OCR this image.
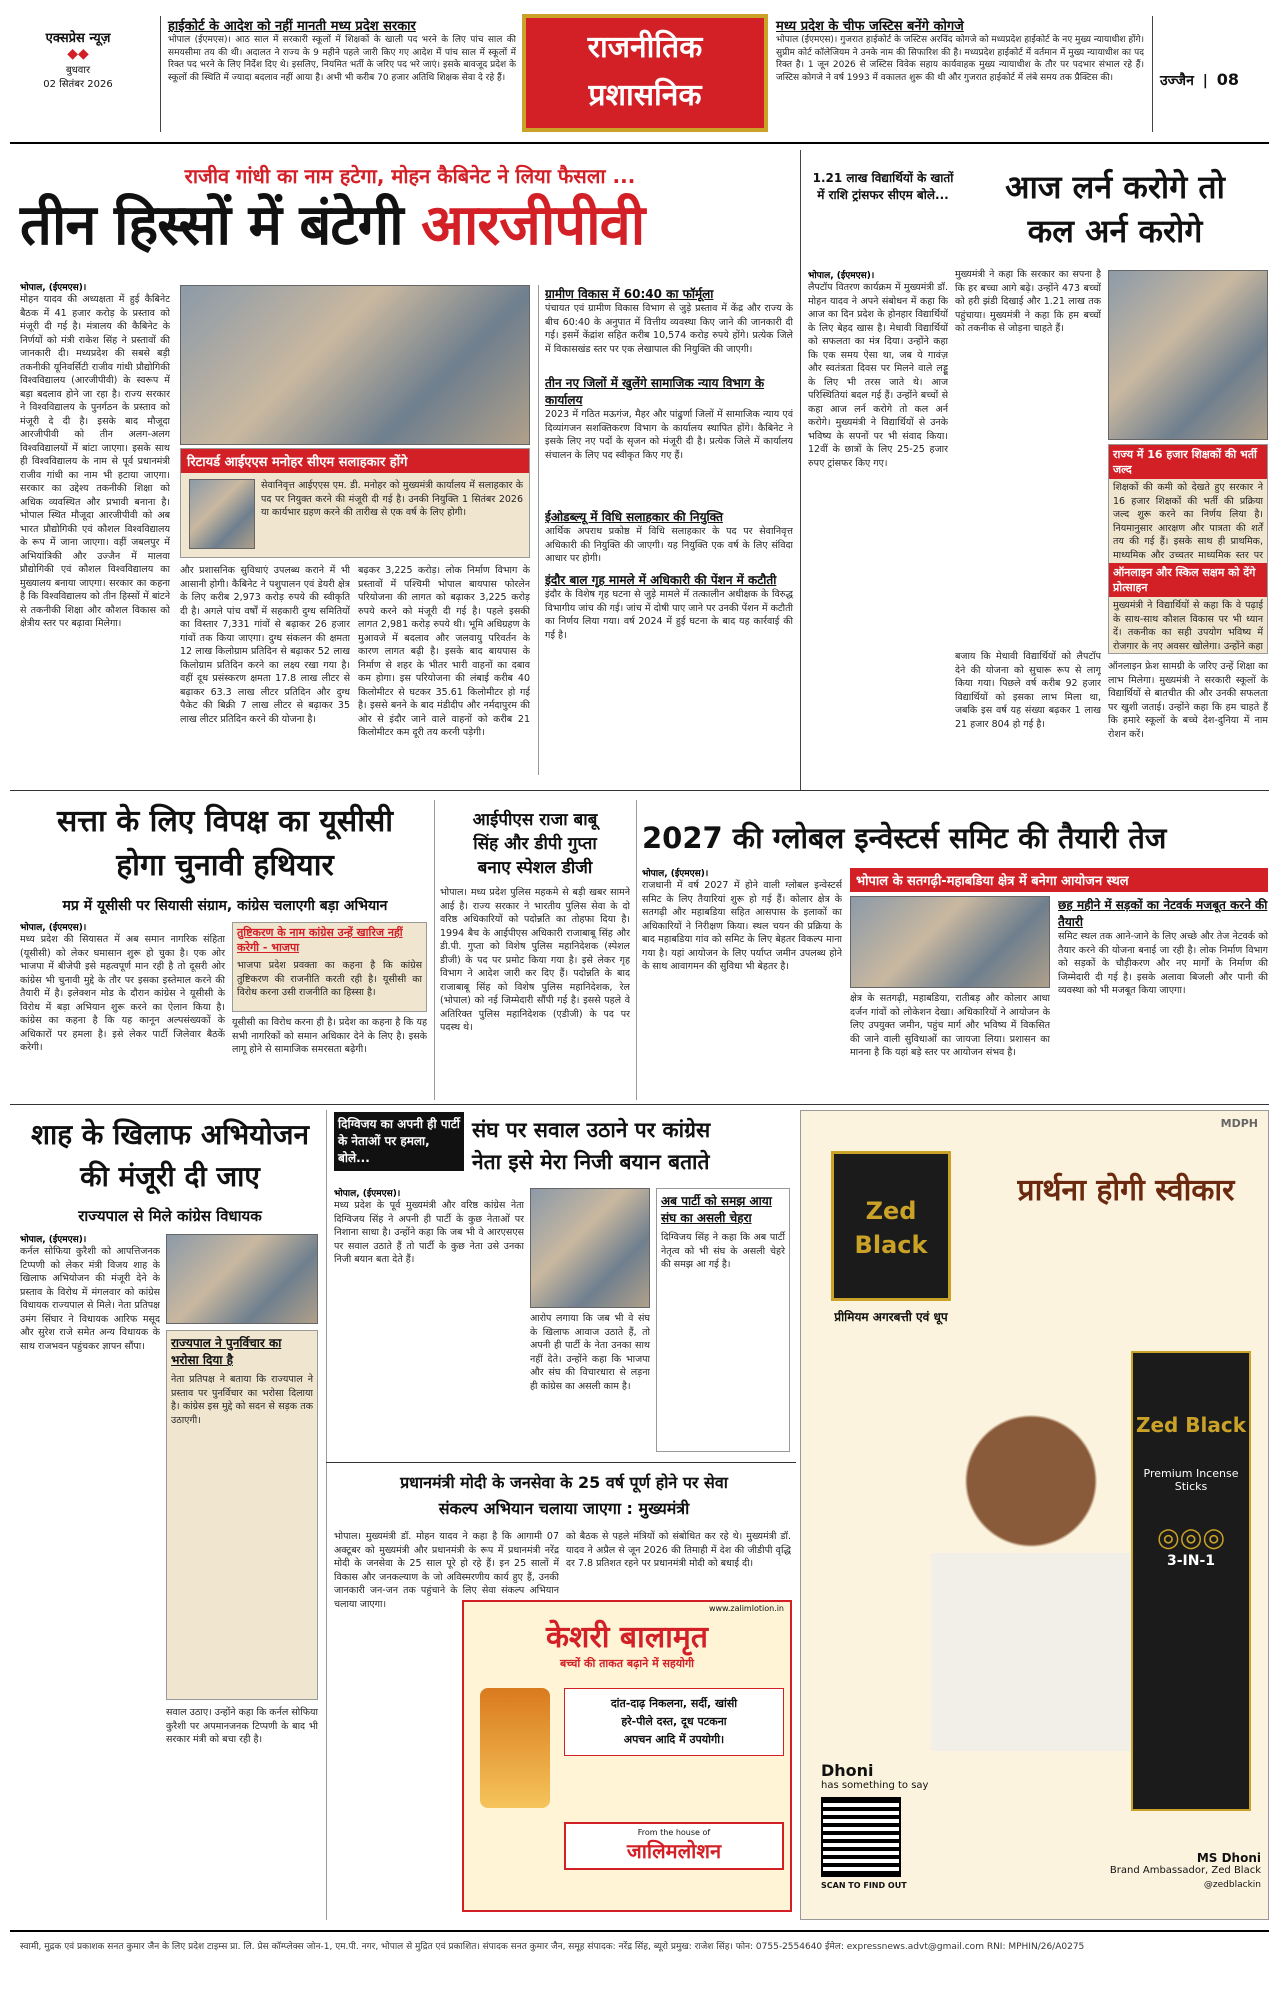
एक्सप्रेस न्यूज़
◆◆
बुधवार
02 सितंबर 2026
हाईकोर्ट के आदेश को नहीं मानती मध्य प्रदेश सरकार
भोपाल (ईएमएस)। आठ साल में सरकारी स्कूलों में शिक्षकों के खाली पद भरने के लिए पांच साल की समयसीमा तय की थी। अदालत ने राज्य के 9 महीने पहले जारी किए गए आदेश में पांच साल में स्कूलों में रिक्त पद भरने के लिए निर्देश दिए थे। इसलिए, नियमित भर्ती के जरिए पद भरे जाएं। इसके बावजूद प्रदेश के स्कूलों की स्थिति में ज्यादा बदलाव नहीं आया है। अभी भी करीब 70 हजार अतिथि शिक्षक सेवा दे रहे हैं।
राजनीतिक
प्रशासनिक
मध्य प्रदेश के चीफ जस्टिस बनेंगे कोगजे
भोपाल (ईएमएस)। गुजरात हाईकोर्ट के जस्टिस अरविंद कोगजे को मध्यप्रदेश हाईकोर्ट के नए मुख्य न्यायाधीश होंगे। सुप्रीम कोर्ट कॉलेजियम ने उनके नाम की सिफारिश की है। मध्यप्रदेश हाईकोर्ट में वर्तमान में मुख्य न्यायाधीश का पद रिक्त है। 1 जून 2026 से जस्टिस विवेक सहाय कार्यवाहक मुख्य न्यायाधीश के तौर पर पदभार संभाल रहे हैं। जस्टिस कोगजे ने वर्ष 1993 में वकालत शुरू की थी और गुजरात हाईकोर्ट में लंबे समय तक प्रैक्टिस की।	उज्जैन | 08
राजीव गांधी का नाम हटेगा, मोहन कैबिनेट ने लिया फैसला ...
तीन हिस्सों में बंटेगी आरजीपीवी
भोपाल, (ईएमएस)।
मोहन यादव की अध्यक्षता में हुई कैबिनेट बैठक में 41 हजार करोड़ के प्रस्ताव को मंजूरी दी गई है। मंत्रालय की कैबिनेट के निर्णयों को मंत्री राकेश सिंह ने प्रस्तावों की जानकारी दी। मध्यप्रदेश की सबसे बड़ी तकनीकी यूनिवर्सिटी राजीव गांधी प्रौद्योगिकी विश्वविद्यालय (आरजीपीवी) के स्वरूप में बड़ा बदलाव होने जा रहा है। राज्य सरकार ने विश्वविद्यालय के पुनर्गठन के प्रस्ताव को मंजूरी दे दी है। इसके बाद मौजूदा आरजीपीवी को तीन अलग-अलग विश्वविद्यालयों में बांटा जाएगा। इसके साथ ही विश्वविद्यालय के नाम से पूर्व प्रधानमंत्री राजीव गांधी का नाम भी हटाया जाएगा। सरकार का उद्देश्य तकनीकी शिक्षा को अधिक व्यवस्थित और प्रभावी बनाना है। भोपाल स्थित मौजूदा आरजीपीवी को अब भारत प्रौद्योगिकी एवं कौशल विश्वविद्यालय के रूप में जाना जाएगा। वहीं जबलपुर में अभियांत्रिकी और उज्जैन में मालवा प्रौद्योगिकी एवं कौशल विश्वविद्यालय का मुख्यालय बनाया जाएगा। सरकार का कहना है कि विश्वविद्यालय को तीन हिस्सों में बांटने से तकनीकी शिक्षा और कौशल विकास को क्षेत्रीय स्तर पर बढ़ावा मिलेगा।
रिटायर्ड आईएएस मनोहर सीएम सलाहकार होंगे
सेवानिवृत्त आईएएस एम. डी. मनोहर को मुख्यमंत्री कार्यालय में सलाहकार के पद पर नियुक्त करने की मंजूरी दी गई है। उनकी नियुक्ति 1 सितंबर 2026 या कार्यभार ग्रहण करने की तारीख से एक वर्ष के लिए होगी।
और प्रशासनिक सुविधाएं उपलब्ध कराने में भी आसानी होगी। कैबिनेट ने पशुपालन एवं डेयरी क्षेत्र के लिए करीब 2,973 करोड़ रुपये की स्वीकृति दी है। अगले पांच वर्षों में सहकारी दुग्ध समितियों का विस्तार 7,331 गांवों से बढ़ाकर 26 हजार गांवों तक किया जाएगा। दुग्ध संकलन की क्षमता 12 लाख किलोग्राम प्रतिदिन से बढ़ाकर 52 लाख किलोग्राम प्रतिदिन करने का लक्ष्य रखा गया है। वहीं दूध प्रसंस्करण क्षमता 17.8 लाख लीटर से बढ़ाकर 63.3 लाख लीटर प्रतिदिन और दुग्ध पैकेट की बिक्री 7 लाख लीटर से बढ़ाकर 35 लाख लीटर प्रतिदिन करने की योजना है।
बढ़कर 3,225 करोड़। लोक निर्माण विभाग के प्रस्तावों में पश्चिमी भोपाल बायपास फोरलेन परियोजना की लागत को बढ़ाकर 3,225 करोड़ रुपये करने को मंजूरी दी गई है। पहले इसकी लागत 2,981 करोड़ रुपये थी। भूमि अधिग्रहण के मुआवजे में बदलाव और जलवायु परिवर्तन के कारण लागत बढ़ी है। इसके बाद बायपास के निर्माण से शहर के भीतर भारी वाहनों का दबाव कम होगा। इस परियोजना की लंबाई करीब 40 किलोमीटर से घटकर 35.61 किलोमीटर हो गई है। इससे बनने के बाद मंडीदीप और नर्मदापुरम की ओर से इंदौर जाने वाले वाहनों को करीब 21 किलोमीटर कम दूरी तय करनी पड़ेगी।
ग्रामीण विकास में 60:40 का फॉर्मूला
पंचायत एवं ग्रामीण विकास विभाग से जुड़े प्रस्ताव में केंद्र और राज्य के बीच 60:40 के अनुपात में वित्तीय व्यवस्था किए जाने की जानकारी दी गई। इसमें केंद्रांश सहित करीब 10,574 करोड़ रुपये होंगे। प्रत्येक जिले में विकासखंड स्तर पर एक लेखापाल की नियुक्ति की जाएगी।
तीन नए जिलों में खुलेंगे सामाजिक न्याय विभाग के कार्यालय
2023 में गठित मऊगंज, मैहर और पांढुर्णा जिलों में सामाजिक न्याय एवं दिव्यांगजन सशक्तिकरण विभाग के कार्यालय स्थापित होंगे। कैबिनेट ने इसके लिए नए पदों के सृजन को मंजूरी दी है। प्रत्येक जिले में कार्यालय संचालन के लिए पद स्वीकृत किए गए हैं।
ईओडब्ल्यू में विधि सलाहकार की नियुक्ति
आर्थिक अपराध प्रकोष्ठ में विधि सलाहकार के पद पर सेवानिवृत्त अधिकारी की नियुक्ति की जाएगी। यह नियुक्ति एक वर्ष के लिए संविदा आधार पर होगी।
इंदौर बाल गृह मामले में अधिकारी की पेंशन में कटौती
इंदौर के विशेष गृह घटना से जुड़े मामले में तत्कालीन अधीक्षक के विरुद्ध विभागीय जांच की गई। जांच में दोषी पाए जाने पर उनकी पेंशन में कटौती का निर्णय लिया गया। वर्ष 2024 में हुई घटना के बाद यह कार्रवाई की गई है।
1.21 लाख विद्यार्थियों के खातों में राशि ट्रांसफर सीएम बोले...	आज लर्न करोगे तो
कल अर्न करोगे
भोपाल, (ईएमएस)।
लैपटॉप वितरण कार्यक्रम में मुख्यमंत्री डॉ. मोहन यादव ने अपने संबोधन में कहा कि आज का दिन प्रदेश के होनहार विद्यार्थियों के लिए बेहद खास है। मेधावी विद्यार्थियों को सफलता का मंत्र दिया। उन्होंने कहा कि एक समय ऐसा था, जब ये गावंज़ और स्वतंत्रता दिवस पर मिलने वाले लड्डू के लिए भी तरस जाते थे। आज परिस्थितियां बदल गई हैं। उन्होंने बच्चों से कहा आज लर्न करोगे तो कल अर्न करोगे। मुख्यमंत्री ने विद्यार्थियों से उनके भविष्य के सपनों पर भी संवाद किया। 12वीं के छात्रों के लिए 25-25 हजार रुपए ट्रांसफर किए गए।
मुख्यमंत्री ने कहा कि सरकार का सपना है कि हर बच्चा आगे बढ़े। उन्होंने 473 बच्चों को हरी झंडी दिखाई और 1.21 लाख तक पहुंचाया। मुख्यमंत्री ने कहा कि हम बच्चों को तकनीक से जोड़ना चाहते हैं।
राज्य में 16 हजार शिक्षकों की भर्ती जल्द
शिक्षकों की कमी को देखते हुए सरकार ने 16 हजार शिक्षकों की भर्ती की प्रक्रिया जल्द शुरू करने का निर्णय लिया है। नियमानुसार आरक्षण और पात्रता की शर्तें तय की गई हैं। इसके साथ ही प्राथमिक, माध्यमिक और उच्चतर माध्यमिक स्तर पर
ऑनलाइन और स्किल सक्षम को देंगे प्रोत्साहन
मुख्यमंत्री ने विद्यार्थियों से कहा कि वे पढ़ाई के साथ-साथ कौशल विकास पर भी ध्यान दें। तकनीक का सही उपयोग भविष्य में रोजगार के नए अवसर खोलेगा। उन्होंने कहा
बजाय कि मेधावी विद्यार्थियों को लैपटॉप देने की योजना को सुचारू रूप से लागू किया गया। पिछले वर्ष करीब 92 हजार विद्यार्थियों को इसका लाभ मिला था, जबकि इस वर्ष यह संख्या बढ़कर 1 लाख 21 हजार 804 हो गई है।
ऑनलाइन फ्रेश सामग्री के जरिए उन्हें शिक्षा का लाभ मिलेगा। मुख्यमंत्री ने सरकारी स्कूलों के विद्यार्थियों से बातचीत की और उनकी सफलता पर खुशी जताई। उन्होंने कहा कि हम चाहते हैं कि हमारे स्कूलों के बच्चे देश-दुनिया में नाम रोशन करें।
सत्ता के लिए विपक्ष का यूसीसी
होगा चुनावी हथियार
मप्र में यूसीसी पर सियासी संग्राम, कांग्रेस चलाएगी बड़ा अभियान
भोपाल, (ईएमएस)।
मध्य प्रदेश की सियासत में अब समान नागरिक संहिता (यूसीसी) को लेकर घमासान शुरू हो चुका है। एक ओर भाजपा में बीजेपी इसे महत्वपूर्ण मान रही है तो दूसरी ओर कांग्रेस भी चुनावी मुद्दे के तौर पर इसका इस्तेमाल करने की तैयारी में है। इलेक्शन मोड के दौरान कांग्रेस ने यूसीसी के विरोध में बड़ा अभियान शुरू करने का ऐलान किया है। कांग्रेस का कहना है कि यह कानून अल्पसंख्यकों के अधिकारों पर हमला है। इसे लेकर पार्टी जिलेवार बैठकें करेगी।
तुष्टिकरण के नाम कांग्रेस उन्हें खारिज नहीं करेगी - भाजपा
भाजपा प्रदेश प्रवक्ता का कहना है कि कांग्रेस तुष्टिकरण की राजनीति करती रही है। यूसीसी का विरोध करना उसी राजनीति का हिस्सा है।
यूसीसी का विरोध करना ही है। प्रदेश का कहना है कि यह सभी नागरिकों को समान अधिकार देने के लिए है। इसके लागू होने से सामाजिक समरसता बढ़ेगी।
आईपीएस राजा बाबू
सिंह और डीपी गुप्ता
बनाए स्पेशल डीजी
भोपाल। मध्य प्रदेश पुलिस महकमे से बड़ी खबर सामने आई है। राज्य सरकार ने भारतीय पुलिस सेवा के दो वरिष्ठ अधिकारियों को पदोन्नति का तोहफा दिया है। 1994 बैच के आईपीएस अधिकारी राजाबाबू सिंह और डी.पी. गुप्ता को विशेष पुलिस महानिदेशक (स्पेशल डीजी) के पद पर प्रमोट किया गया है। इसे लेकर गृह विभाग ने आदेश जारी कर दिए हैं। पदोन्नति के बाद राजाबाबू सिंह को विशेष पुलिस महानिदेशक, रेल (भोपाल) को नई जिम्मेदारी सौंपी गई है। इससे पहले वे अतिरिक्त पुलिस महानिदेशक (एडीजी) के पद पर पदस्थ थे।
2027 की ग्लोबल इन्वेस्टर्स समिट की तैयारी तेज
भोपाल, (ईएमएस)।
राजधानी में वर्ष 2027 में होने वाली ग्लोबल इन्वेस्टर्स समिट के लिए तैयारियां शुरू हो गई हैं। कोलार क्षेत्र के सतगढ़ी और महाबडिया सहित आसपास के इलाकों का अधिकारियों ने निरीक्षण किया। स्थल चयन की प्रक्रिया के बाद महाबडिया गांव को समिट के लिए बेहतर विकल्प माना गया है। यहां आयोजन के लिए पर्याप्त जमीन उपलब्ध होने के साथ आवागमन की सुविधा भी बेहतर है।
भोपाल के सतगढ़ी-महाबडिया क्षेत्र में बनेगा आयोजन स्थल
क्षेत्र के सतगढ़ी, महाबडिया, रातीबड़ और कोलार आधा दर्जन गांवों को लोकेशन देखा। अधिकारियों ने आयोजन के लिए उपयुक्त जमीन, पहुंच मार्ग और भविष्य में विकसित की जाने वाली सुविधाओं का जायजा लिया। प्रशासन का मानना है कि यहां बड़े स्तर पर आयोजन संभव है।
छह महीने में सड़कों का नेटवर्क मजबूत करने की तैयारी
समिट स्थल तक आने-जाने के लिए अच्छे और तेज नेटवर्क को तैयार करने की योजना बनाई जा रही है। लोक निर्माण विभाग को सड़कों के चौड़ीकरण और नए मार्गों के निर्माण की जिम्मेदारी दी गई है। इसके अलावा बिजली और पानी की व्यवस्था को भी मजबूत किया जाएगा।
शाह के खिलाफ अभियोजन
की मंजूरी दी जाए
राज्यपाल से मिले कांग्रेस विधायक
भोपाल, (ईएमएस)।
कर्नल सोफिया कुरैशी को आपत्तिजनक टिप्पणी को लेकर मंत्री विजय शाह के खिलाफ अभियोजन की मंजूरी देने के प्रस्ताव के विरोध में मंगलवार को कांग्रेस विधायक राज्यपाल से मिले। नेता प्रतिपक्ष उमंग सिंघार ने विधायक आरिफ मसूद और सुरेश राजे समेत अन्य विधायक के साथ राजभवन पहुंचकर ज्ञापन सौंपा।	राज्यपाल ने पुनर्विचार का भरोसा दिया है
नेता प्रतिपक्ष ने बताया कि राज्यपाल ने प्रस्ताव पर पुनर्विचार का भरोसा दिलाया है। कांग्रेस इस मुद्दे को सदन से सड़क तक उठाएगी।
सवाल उठाए। उन्होंने कहा कि कर्नल सोफिया कुरैशी पर अपमानजनक टिप्पणी के बाद भी सरकार मंत्री को बचा रही है।
दिग्विजय का अपनी ही पार्टी के नेताओं पर हमला, बोले...
संघ पर सवाल उठाने पर कांग्रेस
नेता इसे मेरा निजी बयान बताते
भोपाल, (ईएमएस)।
मध्य प्रदेश के पूर्व मुख्यमंत्री और वरिष्ठ कांग्रेस नेता दिग्विजय सिंह ने अपनी ही पार्टी के कुछ नेताओं पर निशाना साधा है। उन्होंने कहा कि जब भी वे आरएसएस पर सवाल उठाते हैं तो पार्टी के कुछ नेता उसे उनका निजी बयान बता देते हैं।
आरोप लगाया कि जब भी वे संघ के खिलाफ आवाज उठाते हैं, तो अपनी ही पार्टी के नेता उनका साथ नहीं देते। उन्होंने कहा कि भाजपा और संघ की विचारधारा से लड़ना ही कांग्रेस का असली काम है।
अब पार्टी को समझ आया संघ का असली चेहरा
दिग्विजय सिंह ने कहा कि अब पार्टी नेतृत्व को भी संघ के असली चेहरे की समझ आ गई है।
प्रधानमंत्री मोदी के जनसेवा के 25 वर्ष पूर्ण होने पर सेवा
संकल्प अभियान चलाया जाएगा : मुख्यमंत्री
भोपाल। मुख्यमंत्री डॉ. मोहन यादव ने कहा है कि आगामी 07 अक्टूबर को मुख्यमंत्री और प्रधानमंत्री के रूप में प्रधानमंत्री नरेंद्र मोदी के जनसेवा के 25 साल पूरे हो रहे हैं। इन 25 सालों में विकास और जनकल्याण के जो अविस्मरणीय कार्य हुए हैं, उनकी जानकारी जन-जन तक पहुंचाने के लिए सेवा संकल्प अभियान चलाया जाएगा।
को बैठक से पहले मंत्रियों को संबोधित कर रहे थे। मुख्यमंत्री डॉ. यादव ने अप्रैल से जून 2026 की तिमाही में देश की जीडीपी वृद्धि दर 7.8 प्रतिशत रहने पर प्रधानमंत्री मोदी को बधाई दी।
www.zalimlotion.in
केशरी बालामृत
बच्चों की ताकत बढ़ाने में सहयोगी
दांत-दाढ़ निकलना, सर्दी, खांसी
हरे-पीले दस्त, दूध पटकना
अपचन आदि में उपयोगी।
From the house of
जालिमलोशन
MDPH
Zed Black
प्रीमियम अगरबत्ती एवं धूप
प्रार्थना होगी स्वीकार
Zed Black
Premium Incense Sticks
◎◎◎
3-IN-1
Dhoni
has something to say
SCAN TO FIND OUT
MS Dhoni
Brand Ambassador, Zed Black
@zedblackin
स्वामी, मुद्रक एवं प्रकाशक सनत कुमार जैन के लिए प्रदेश टाइम्स प्रा. लि. प्रेस कॉम्प्लेक्स जोन-1, एम.पी. नगर, भोपाल से मुद्रित एवं प्रकाशित। संपादक सनत कुमार जैन, समूह संपादक: नरेंद्र सिंह, ब्यूरो प्रमुख: राजेश सिंह। फोन: 0755-2554640 ईमेल: expressnews.advt@gmail.com RNI: MPHIN/26/A0275
